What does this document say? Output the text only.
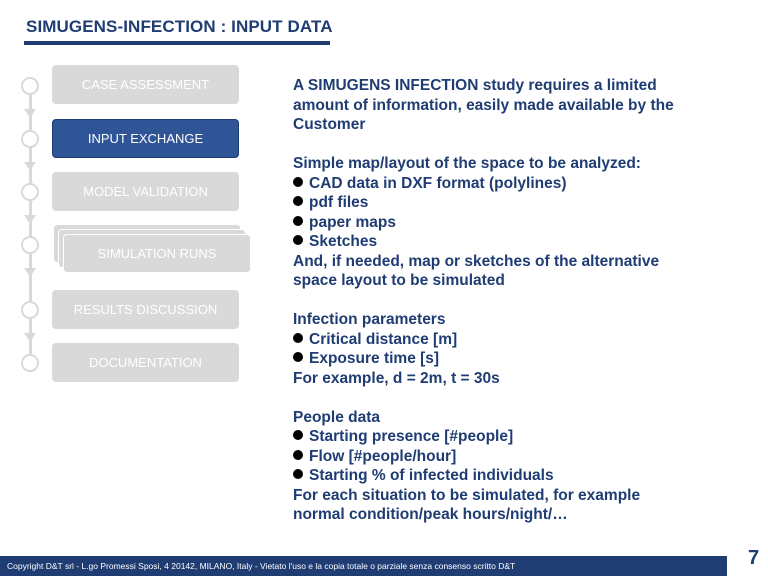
SIMUGENS-INFECTION : INPUT DATA
CASE ASSESSMENT
INPUT EXCHANGE
MODEL VALIDATION
SIMULATION RUNS
RESULTS DISCUSSION
DOCUMENTATION

A SIMUGENS INFECTION study requires a limited

amount of information, easily made available by the

Customer

Simple map/layout of the space to be analyzed:

CAD data in DXF format (polylines)
pdf files
paper maps
Sketches

And, if needed, map or sketches of the alternative

space layout to be simulated

Infection parameters

Critical distance [m]
Exposure time [s]

For example, d = 2m, t = 30s

People data

Starting presence [#people]
Flow [#people/hour]
Starting % of infected individuals

For each situation to be simulated, for example

normal condition/peak hours/night/…

Copyright D&T srl - L.go Promessi Sposi, 4 20142, MILANO, Italy - Vietato l'uso e la copia totale o parziale senza consenso scritto D&T	7
